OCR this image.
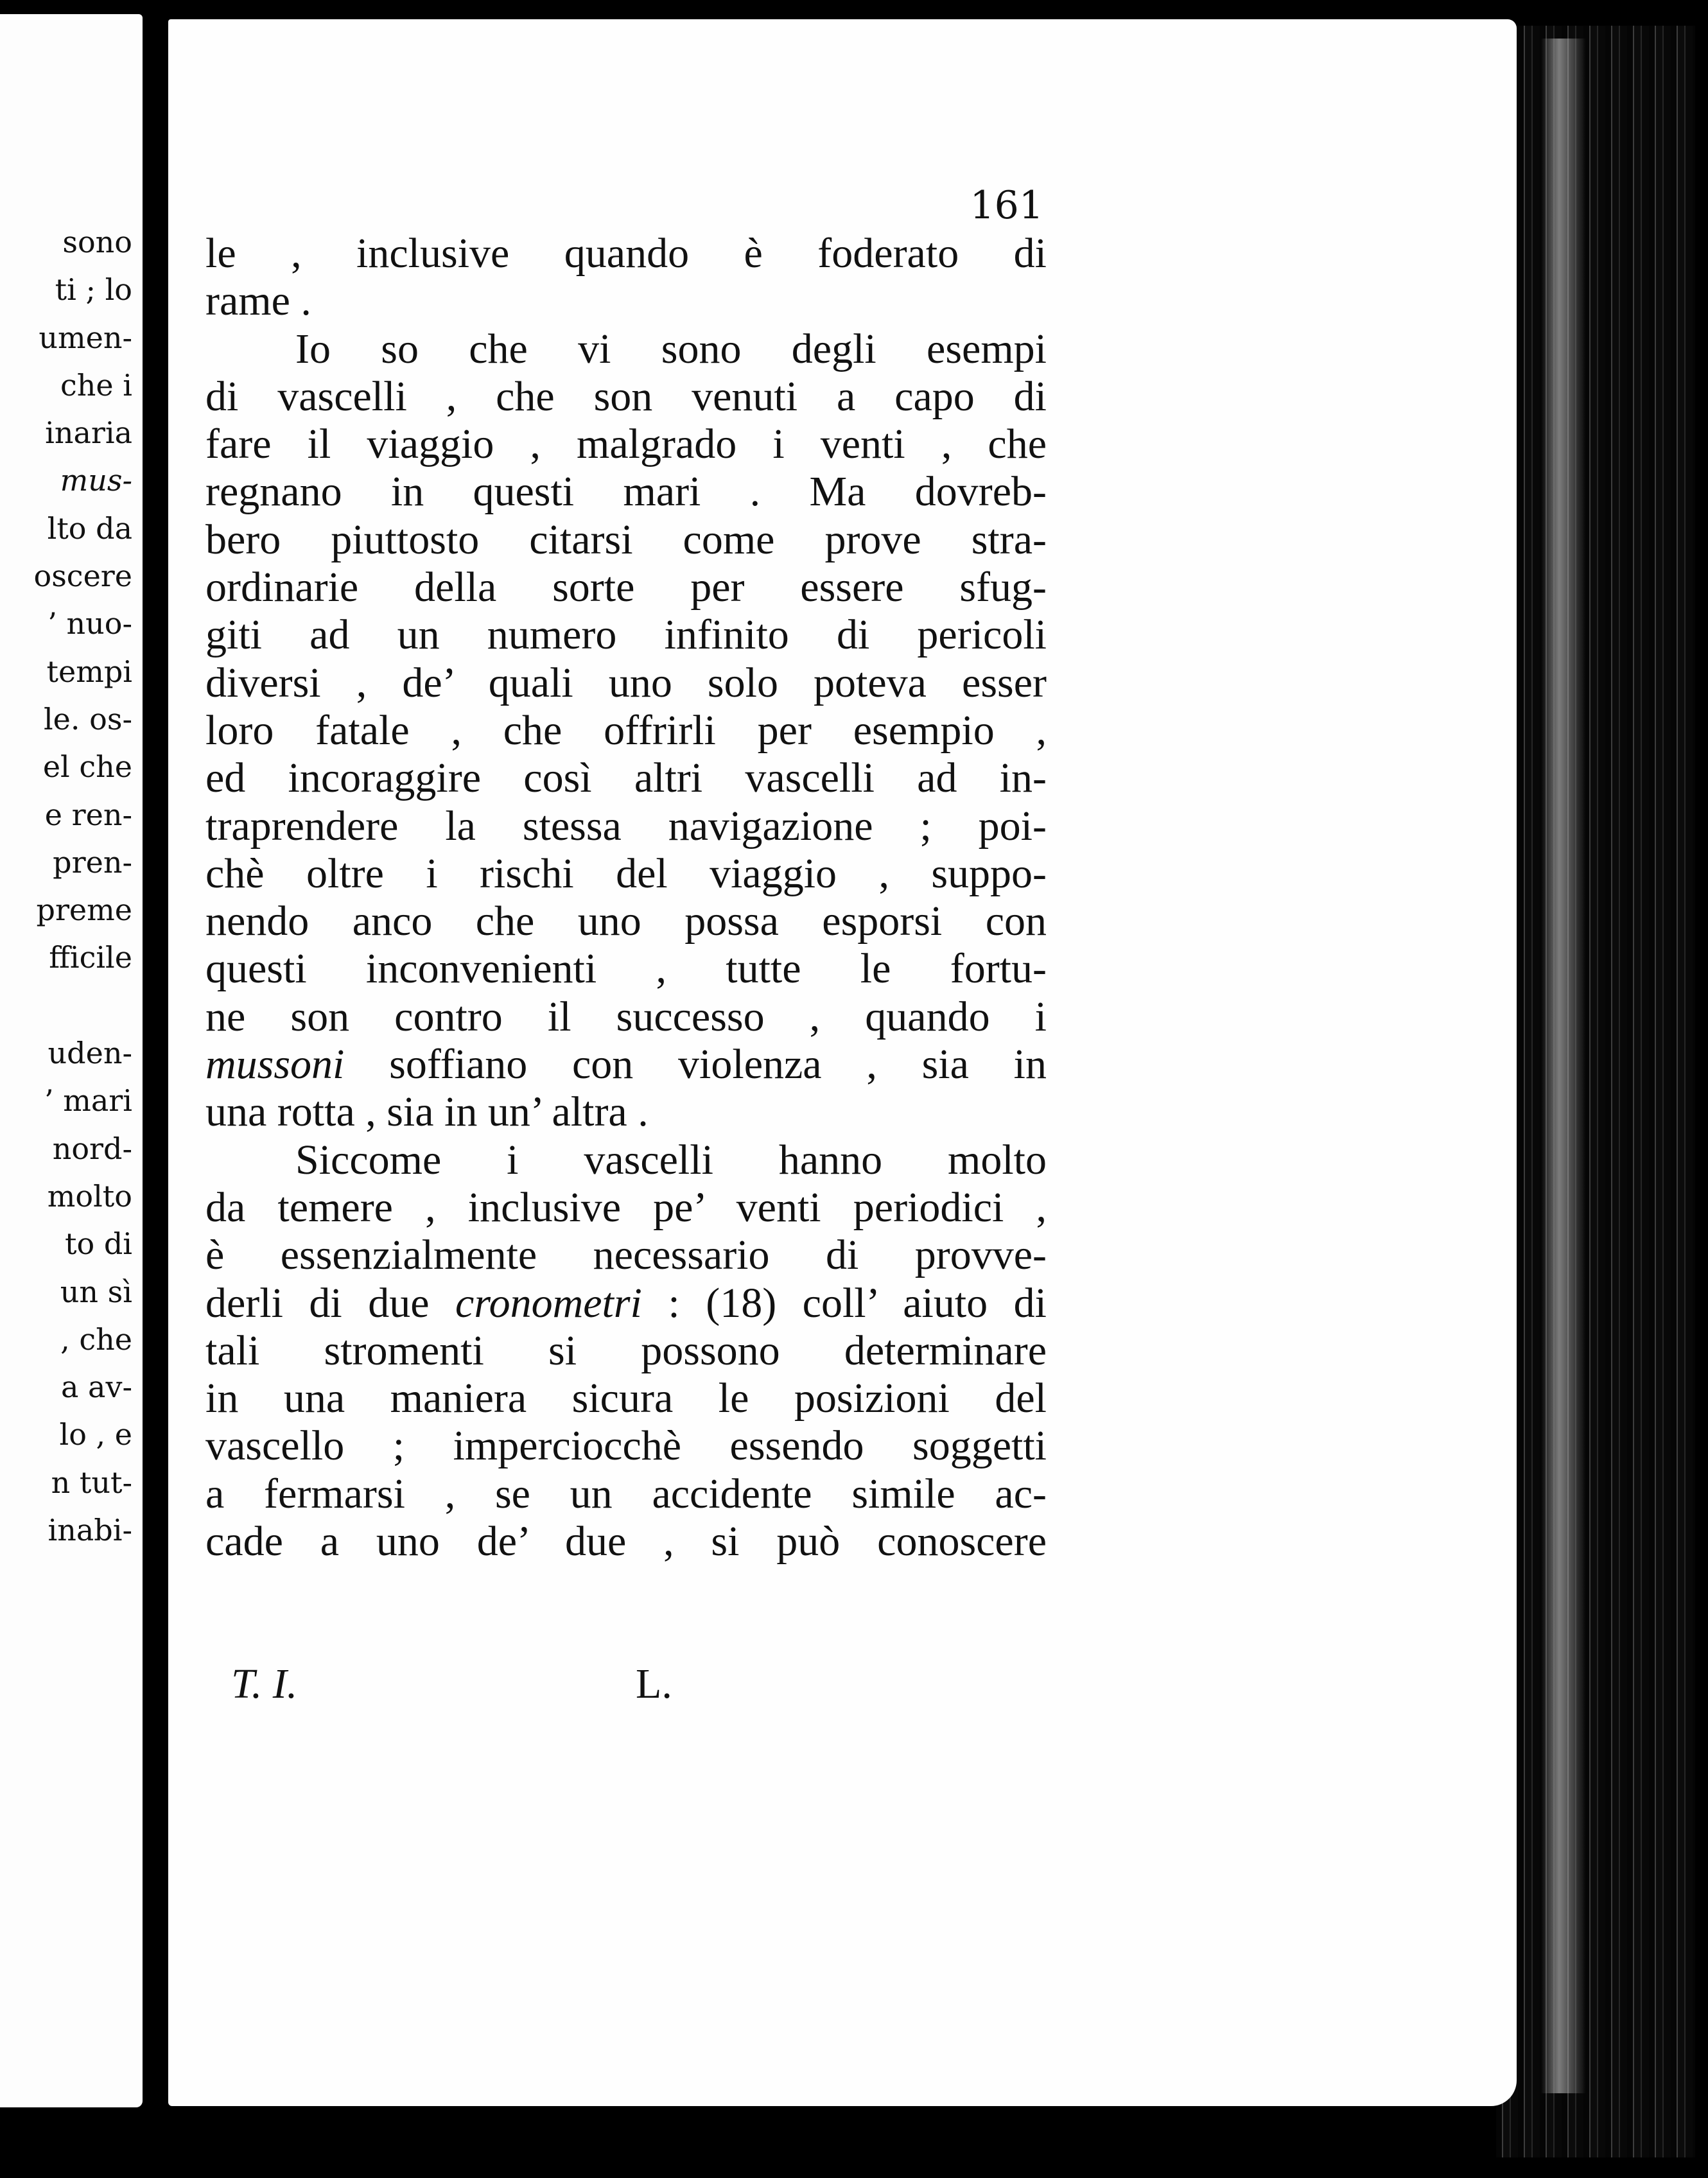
sono
ti ; lo
umen-
che i
inaria
mus-
lto da
oscere
’ nuo-
tempi
le. os-
el che
e ren-
pren-
preme
fficile
uden-
’ mari
nord-
molto
to di
un sì
, che
a av-
lo , e
n tut-
inabi-
161
le , inclusive quando è foderato di
rame .
Io so che vi sono degli esempi
di vascelli , che son venuti a capo di
fare il viaggio , malgrado i venti , che
regnano in questi mari . Ma dovreb-
bero piuttosto citarsi come prove stra-
ordinarie della sorte per essere sfug-
giti ad un numero infinito di pericoli
diversi , de’ quali uno solo poteva esser
loro fatale , che offrirli per esempio ,
ed incoraggire così altri vascelli ad in-
traprendere la stessa navigazione ; poi-
chè oltre i rischi del viaggio , suppo-
nendo anco che uno possa esporsi con
questi inconvenienti , tutte le fortu-
ne son contro il successo , quando i
mussoni soffiano con violenza , sia in
una rotta , sia in un’ altra .
Siccome i vascelli hanno molto
da temere , inclusive pe’ venti periodici ,
è essenzialmente necessario di provve-
derli di due cronometri : (18) coll’ aiuto di
tali stromenti si possono determinare
in una maniera sicura le posizioni del
vascello ; imperciocchè essendo soggetti
a fermarsi , se un accidente simile ac-
cade a uno de’ due , si può conoscere
T. I.	L.
